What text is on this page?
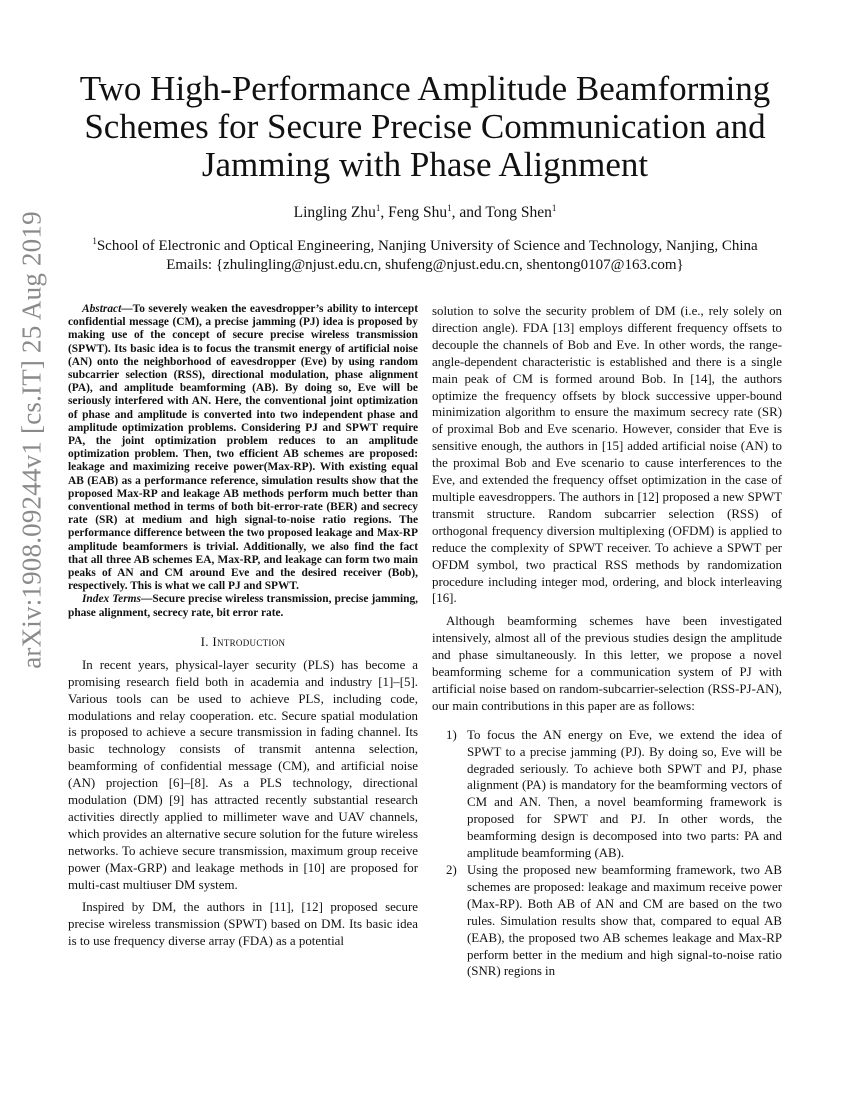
arXiv:1908.09244v1 [cs.IT] 25 Aug 2019
Two High-Performance Amplitude Beamforming Schemes for Secure Precise Communication and Jamming with Phase Alignment
Lingling Zhu$^1$, Feng Shu$^1$, and Tong Shen$^1$
$^1$School of Electronic and Optical Engineering, Nanjing University of Science and Technology, Nanjing, China
Emails: {zhulingling@njust.edu.cn, shufeng@njust.edu.cn, shentong0107@163.com}

Abstract—To severely weaken the eavesdropper’s ability to intercept confidential message (CM), a precise jamming (PJ) idea is proposed by making use of the concept of secure precise wireless transmission (SPWT). Its basic idea is to focus the transmit energy of artificial noise (AN) onto the neighborhood of eavesdropper (Eve) by using random subcarrier selection (RSS), directional modulation, phase alignment (PA), and amplitude beamforming (AB). By doing so, Eve will be seriously interfered with AN. Here, the conventional joint optimization of phase and amplitude is converted into two independent phase and amplitude optimization problems. Considering PJ and SPWT require PA, the joint optimization problem reduces to an amplitude optimization problem. Then, two efficient AB schemes are proposed: leakage and maximizing receive power(Max-RP). With existing equal AB (EAB) as a performance reference, simulation results show that the proposed Max-RP and leakage AB methods perform much better than conventional method in terms of both bit-error-rate (BER) and secrecy rate (SR) at medium and high signal-to-noise ratio regions. The performance difference between the two proposed leakage and Max-RP amplitude beamformers is trivial. Additionally, we also find the fact that all three AB schemes EA, Max-RP, and leakage can form two main peaks of AN and CM around Eve and the desired receiver (Bob), respectively. This is what we call PJ and SPWT.

Index Terms—Secure precise wireless transmission, precise jamming, phase alignment, secrecy rate, bit error rate.

I. Introduction

In recent years, physical-layer security (PLS) has become a promising research field both in academia and industry [1]–[5]. Various tools can be used to achieve PLS, including code, modulations and relay cooperation. etc. Secure spatial modulation is proposed to achieve a secure transmission in fading channel. Its basic technology consists of transmit antenna selection, beamforming of confidential message (CM), and artificial noise (AN) projection [6]–[8]. As a PLS technology, directional modulation (DM) [9] has attracted recently substantial research activities directly applied to millimeter wave and UAV channels, which provides an alternative secure solution for the future wireless networks. To achieve secure transmission, maximum group receive power (Max-GRP) and leakage methods in [10] are proposed for multi-cast multiuser DM system.

Inspired by DM, the authors in [11], [12] proposed secure precise wireless transmission (SPWT) based on DM. Its basic idea is to use frequency diverse array (FDA) as a potential

solution to solve the security problem of DM (i.e., rely solely on direction angle). FDA [13] employs different frequency offsets to decouple the channels of Bob and Eve. In other words, the range-angle-dependent characteristic is established and there is a single main peak of CM is formed around Bob. In [14], the authors optimize the frequency offsets by block successive upper-bound minimization algorithm to ensure the maximum secrecy rate (SR) of proximal Bob and Eve scenario. However, consider that Eve is sensitive enough, the authors in [15] added artificial noise (AN) to the proximal Bob and Eve scenario to cause interferences to the Eve, and extended the frequency offset optimization in the case of multiple eavesdroppers. The authors in [12] proposed a new SPWT transmit structure. Random subcarrier selection (RSS) of orthogonal frequency diversion multiplexing (OFDM) is applied to reduce the complexity of SPWT receiver. To achieve a SPWT per OFDM symbol, two practical RSS methods by randomization procedure including integer mod, ordering, and block interleaving [16].

Although beamforming schemes have been investigated intensively, almost all of the previous studies design the amplitude and phase simultaneously. In this letter, we propose a novel beamforming scheme for a communication system of PJ with artificial noise based on random-subcarrier-selection (RSS-PJ-AN), our main contributions in this paper are as follows:

1) To focus the AN energy on Eve, we extend the idea of SPWT to a precise jamming (PJ). By doing so, Eve will be degraded seriously. To achieve both SPWT and PJ, phase alignment (PA) is mandatory for the beamforming vectors of CM and AN. Then, a novel beamforming framework is proposed for SPWT and PJ. In other words, the beamforming design is decomposed into two parts: PA and amplitude beamforming (AB).
2) Using the proposed new beamforming framework, two AB schemes are proposed: leakage and maximum receive power (Max-RP). Both AB of AN and CM are based on the two rules. Simulation results show that, compared to equal AB (EAB), the proposed two AB schemes leakage and Max-RP perform better in the medium and high signal-to-noise ratio (SNR) regions in
